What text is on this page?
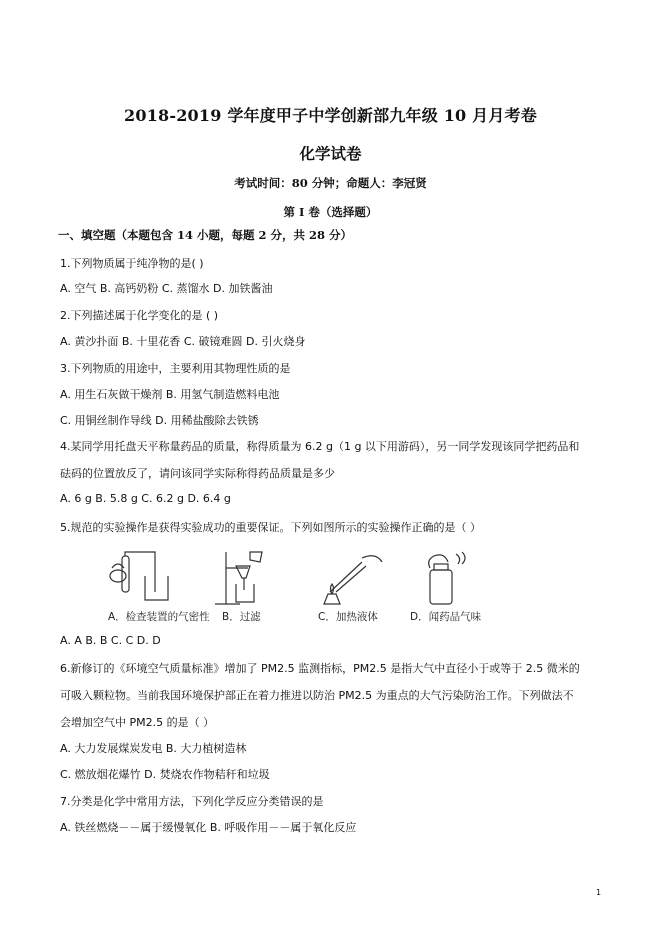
2018-2019 学年度甲子中学创新部九年级 10 月月考卷
化学试卷
考试时间：80 分钟；命题人：李冠贤
第 I 卷（选择题）
一、填空题（本题包含 14 小题，每题 2 分，共 28 分）
1.下列物质属于纯净物的是( )
A. 空气 B. 高钙奶粉 C. 蒸馏水 D. 加铁酱油
2.下列描述属于化学变化的是 ( )
A. 黄沙扑面 B. 十里花香 C. 破镜难圆 D. 引火烧身
3.下列物质的用途中，主要利用其物理性质的是
A. 用生石灰做干燥剂 B. 用氢气制造燃料电池
C. 用铜丝制作导线 D. 用稀盐酸除去铁锈
4.某同学用托盘天平称量药品的质量，称得质量为 6.2 g（1 g 以下用游码），另一同学发现该同学把药品和
砝码的位置放反了，请问该同学实际称得药品质量是多少
A. 6 g B. 5.8 g C. 6.2 g D. 6.4 g
5.规范的实验操作是获得实验成功的重要保证。下列如图所示的实验操作正确的是（ ）
A．检查装置的气密性 B．过滤	C．加热液体	D．闻药品气味
A. A B. B C. C D. D
6.新修订的《环境空气质量标准》增加了 PM2.5 监测指标，PM2.5 是指大气中直径小于或等于 2.5 微米的
可吸入颗粒物。当前我国环境保护部正在着力推进以防治 PM2.5 为重点的大气污染防治工作。下列做法不
会增加空气中 PM2.5 的是（ ）
A. 大力发展煤炭发电 B. 大力植树造林
C. 燃放烟花爆竹 D. 焚烧农作物秸秆和垃圾
7.分类是化学中常用方法，下列化学反应分类错误的是
A. 铁丝燃烧－－属于缓慢氧化 B. 呼吸作用－－属于氧化反应
1
